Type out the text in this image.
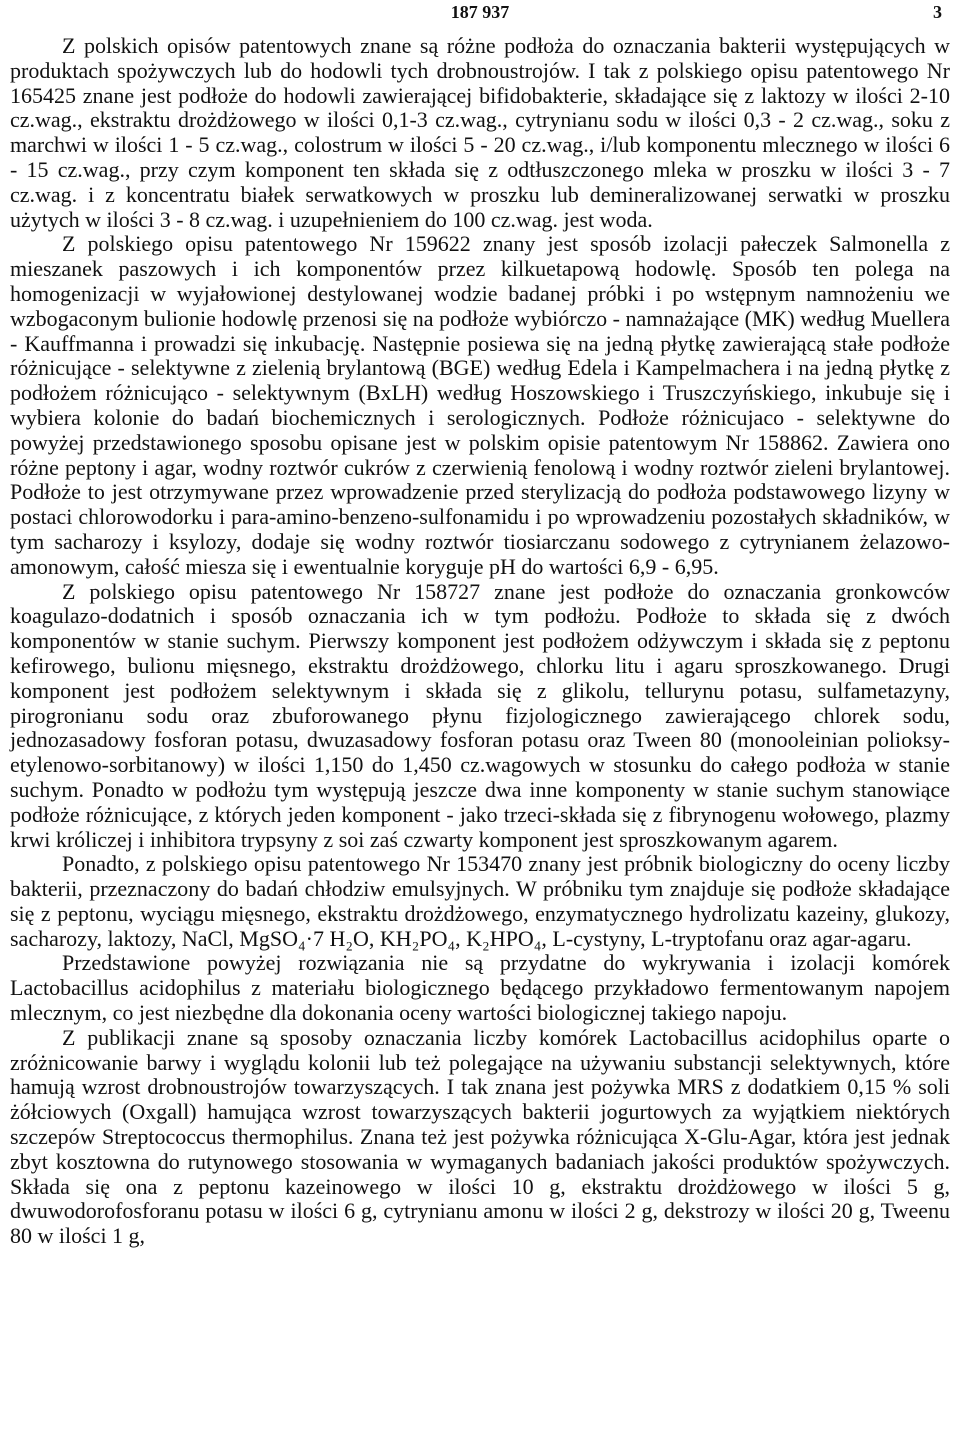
187 937	3

Z polskich opisów patentowych znane są różne podłoża do oznaczania bakterii występujących w produktach spożywczych lub do hodowli tych drobnoustrojów. I tak z polskiego opisu patentowego Nr 165425 znane jest podłoże do hodowli zawierającej bifidobakterie, składające się z laktozy w ilości 2-10 cz.wag., ekstraktu drożdżowego w ilości 0,1-3 cz.wag., cytrynianu sodu w ilości 0,3 - 2 cz.wag., soku z marchwi w ilości 1 - 5 cz.wag., colostrum w ilości 5 - 20 cz.wag., i/lub komponentu mlecznego w ilości 6 - 15 cz.wag., przy czym komponent ten składa się z odtłuszczonego mleka w proszku w ilości 3 - 7 cz.wag. i z koncentratu białek serwatkowych w proszku lub demineralizowanej serwatki w proszku użytych w ilości 3 - 8 cz.wag. i uzupełnieniem do 100 cz.wag. jest woda.

Z polskiego opisu patentowego Nr 159622 znany jest sposób izolacji pałeczek Salmonella z mieszanek paszowych i ich komponentów przez kilkuetapową hodowlę. Sposób ten polega na homogenizacji w wyjałowionej destylowanej wodzie badanej próbki i po wstępnym namnożeniu we wzbogaconym bulionie hodowlę przenosi się na podłoże wybiórczo - namnażające (MK) według Muellera - Kauffmanna i prowadzi się inkubację. Następnie posiewa się na jedną płytkę zawierającą stałe podłoże różnicujące - selektywne z zielenią brylantową (BGE) według Edela i Kampelmachera i na jedną płytkę z podłożem różnicująco - selektywnym (BxLH) według Hoszowskiego i Truszczyńskiego, inkubuje się i wybiera kolonie do badań biochemicznych i serologicznych. Podłoże różnicujaco - selektywne do powyżej przedstawionego sposobu opisane jest w polskim opisie patentowym Nr 158862. Zawiera ono różne peptony i agar, wodny roztwór cukrów z czerwienią fenolową i wodny roztwór zieleni brylantowej. Podłoże to jest otrzymywane przez wprowadzenie przed sterylizacją do podłoża podstawowego lizyny w postaci chlorowodorku i para-amino-benzeno-sulfonamidu i po wprowadzeniu pozostałych składników, w tym sacharozy i ksylozy, dodaje się wodny roztwór tiosiarczanu sodowego z cytrynianem żelazowo-amonowym, całość miesza się i ewentualnie koryguje pH do wartości 6,9 - 6,95.

Z polskiego opisu patentowego Nr 158727 znane jest podłoże do oznaczania gronkowców koagulazo-dodatnich i sposób oznaczania ich w tym podłożu. Podłoże to składa się z dwóch komponentów w stanie suchym. Pierwszy komponent jest podłożem odżywczym i składa się z peptonu kefirowego, bulionu mięsnego, ekstraktu drożdżowego, chlorku litu i agaru sproszkowanego. Drugi komponent jest podłożem selektywnym i składa się z glikolu, tellurynu potasu, sulfametazyny, pirogronianu sodu oraz zbuforowanego płynu fizjologicznego zawierającego chlorek sodu, jednozasadowy fosforan potasu, dwuzasadowy fosforan potasu oraz Tween 80 (monooleinian polioksy-etylenowo-sorbitanowy) w ilości 1,150 do 1,450 cz.wagowych w stosunku do całego podłoża w stanie suchym. Ponadto w podłożu tym występują jeszcze dwa inne komponenty w stanie suchym stanowiące podłoże różnicujące, z których jeden komponent - jako trzeci-składa się z fibrynogenu wołowego, plazmy krwi króliczej i inhibitora trypsyny z soi zaś czwarty komponent jest sproszkowanym agarem.

Ponadto, z polskiego opisu patentowego Nr 153470 znany jest próbnik biologiczny do oceny liczby bakterii, przeznaczony do badań chłodziw emulsyjnych. W próbniku tym znajduje się podłoże składające się z peptonu, wyciągu mięsnego, ekstraktu drożdżowego, enzymatycznego hydrolizatu kazeiny, glukozy, sacharozy, laktozy, NaCl, MgSO₄·7 H₂O, KH₂PO₄, K₂HPO₄, L-cystyny, L-tryptofanu oraz agar-agaru.

Przedstawione powyżej rozwiązania nie są przydatne do wykrywania i izolacji komórek Lactobacillus acidophilus z materiału biologicznego będącego przykładowo fermentowanym napojem mlecznym, co jest niezbędne dla dokonania oceny wartości biologicznej takiego napoju.

Z publikacji znane są sposoby oznaczania liczby komórek Lactobacillus acidophilus oparte o zróżnicowanie barwy i wyglądu kolonii lub też polegające na używaniu substancji selektywnych, które hamują wzrost drobnoustrojów towarzyszących. I tak znana jest pożywka MRS z dodatkiem 0,15 % soli żółciowych (Oxgall) hamująca wzrost towarzyszących bakterii jogurtowych za wyjątkiem niektórych szczepów Streptococcus thermophilus. Znana też jest pożywka różnicująca X-Glu-Agar, która jest jednak zbyt kosztowna do rutynowego stosowania w wymaganych badaniach jakości produktów spożywczych. Składa się ona z peptonu kazeinowego w ilości 10 g, ekstraktu drożdżowego w ilości 5 g, dwuwodorofosforanu potasu w ilości 6 g, cytrynianu amonu w ilości 2 g, dekstrozy w ilości 20 g, Tweenu 80 w ilości 1 g,
